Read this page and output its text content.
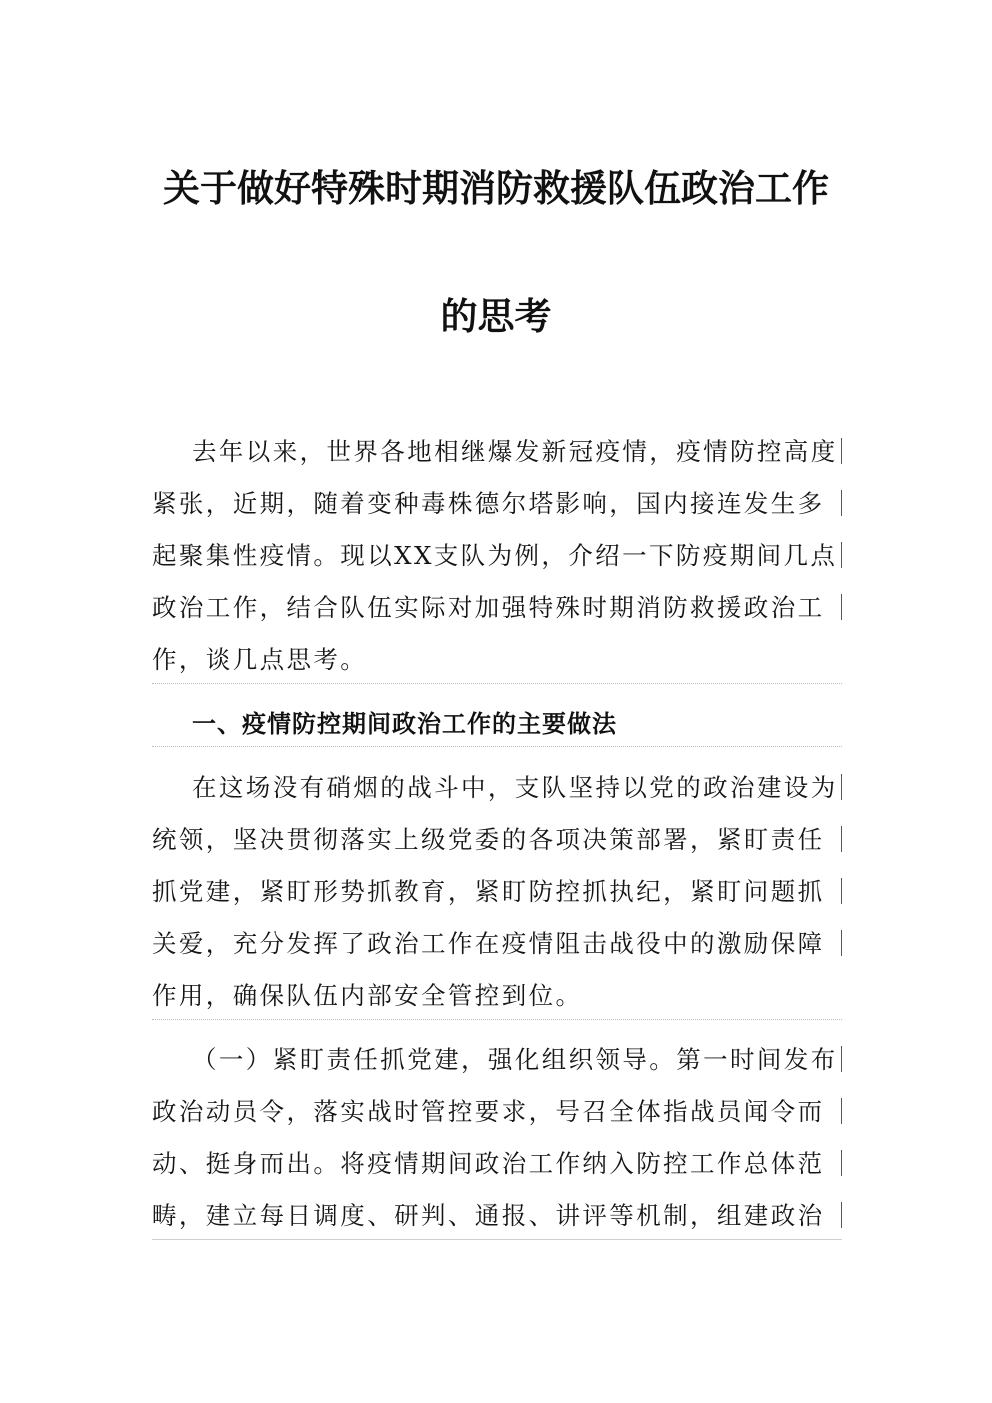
关于做好特殊时期消防救援队伍政治工作
的思考
去年以来，世界各地相继爆发新冠疫情，疫情防控高度
紧张，近期，随着变种毒株德尔塔影响，国内接连发生多
起聚集性疫情。现以XX支队为例，介绍一下防疫期间几点
政治工作，结合队伍实际对加强特殊时期消防救援政治工
作，谈几点思考。
一、疫情防控期间政治工作的主要做法
在这场没有硝烟的战斗中，支队坚持以党的政治建设为
统领，坚决贯彻落实上级党委的各项决策部署，紧盯责任
抓党建，紧盯形势抓教育，紧盯防控抓执纪，紧盯问题抓
关爱，充分发挥了政治工作在疫情阻击战役中的激励保障
作用，确保队伍内部安全管控到位。
（一）紧盯责任抓党建，强化组织领导。第一时间发布
政治动员令，落实战时管控要求，号召全体指战员闻令而
动、挺身而出。将疫情期间政治工作纳入防控工作总体范
畴，建立每日调度、研判、通报、讲评等机制，组建政治
